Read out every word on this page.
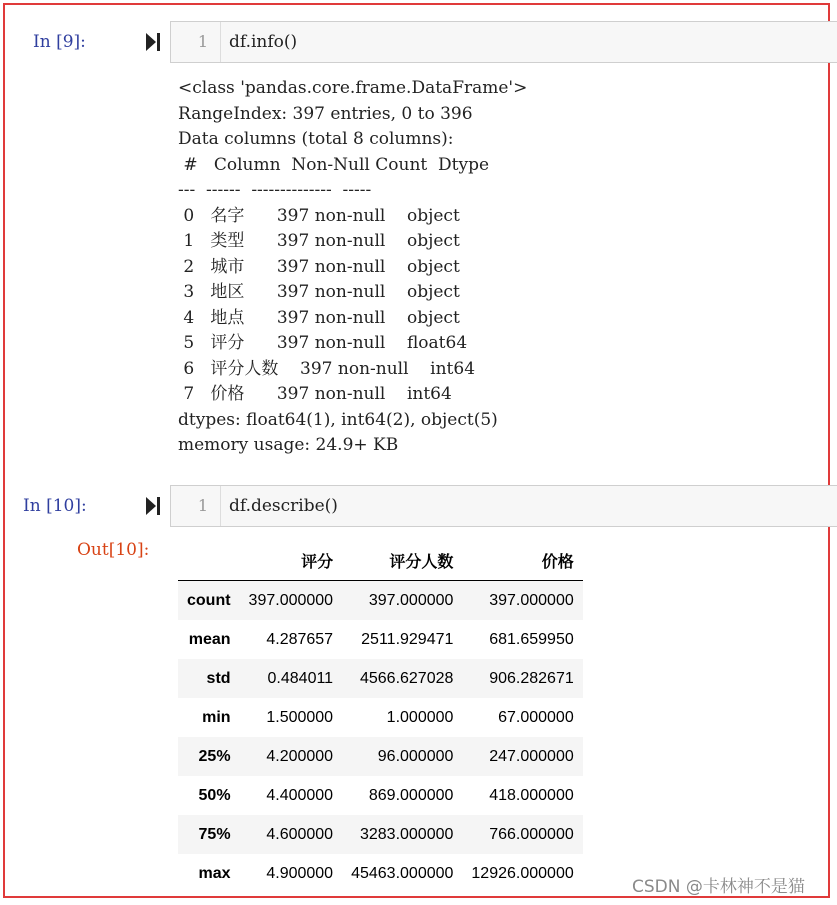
In [9]:	1	df.info()
<class 'pandas.core.frame.DataFrame'>
RangeIndex: 397 entries, 0 to 396
Data columns (total 8 columns):
#   Column  Non-Null Count  Dtype
---  ------  --------------  -----
0   名字      397 non-null    object
1   类型      397 non-null    object
2   城市      397 non-null    object
3   地区      397 non-null    object
4   地点      397 non-null    object
5   评分      397 non-null    float64
6   评分人数    397 non-null    int64
7   价格      397 non-null    int64
dtypes: float64(1), int64(2), object(5)
memory usage: 24.9+ KB

In [10]:	1	df.describe()
Out[10]:
	评分	评分人数	价格
count	397.000000	397.000000	397.000000
mean	4.287657	2511.929471	681.659950
std	0.484011	4566.627028	906.282671
min	1.500000	1.000000	67.000000
25%	4.200000	96.000000	247.000000
50%	4.400000	869.000000	418.000000
75%	4.600000	3283.000000	766.000000
max	4.900000	45463.000000	12926.000000
CSDN @卡林神不是猫
